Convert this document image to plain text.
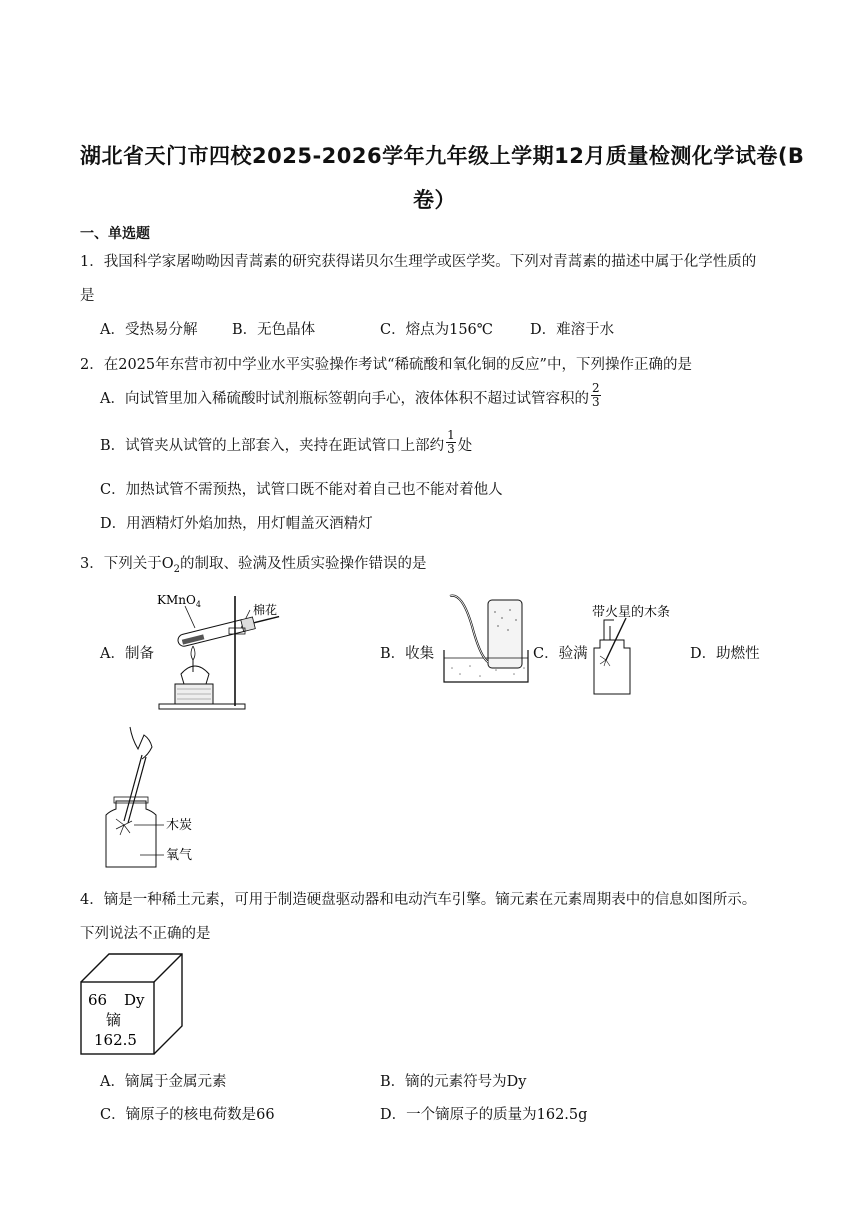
湖北省天门市四校2025-2026学年九年级上学期12月质量检测化学试卷(B
卷）
一、单选题
1．我国科学家屠呦呦因青蒿素的研究获得诺贝尔生理学或医学奖。下列对青蒿素的描述中属于化学性质的
是
A．受热易分解 B．无色晶体	C．熔点为156℃	D．难溶于水
2．在2025年东营市初中学业水平实验操作考试“稀硫酸和氧化铜的反应”中，下列操作正确的是
A．向试管里加入稀硫酸时试剂瓶标签朝向手心，液体体积不超过试管容积的 $\frac{2}{3}$
B．试管夹从试管的上部套入，夹持在距试管口上部约 $\frac{1}{3}$ 处
C．加热试管不需预热，试管口既不能对着自己也不能对着他人
D．用酒精灯外焰加热，用灯帽盖灭酒精灯
3．下列关于$O_2$的制取、验满及性质实验操作错误的是
A．制备	B．收集	C．验满	D．助燃性
KMnO$_4$	棉花	带火星的木条
木炭
氧气
4．镝是一种稀土元素，可用于制造硬盘驱动器和电动汽车引擎。镝元素在元素周期表中的信息如图所示。
下列说法不正确的是
66 Dy
镝
162.5
A．镝属于金属元素	B．镝的元素符号为Dy
C．镝原子的核电荷数是66	D．一个镝原子的质量为162.5g
